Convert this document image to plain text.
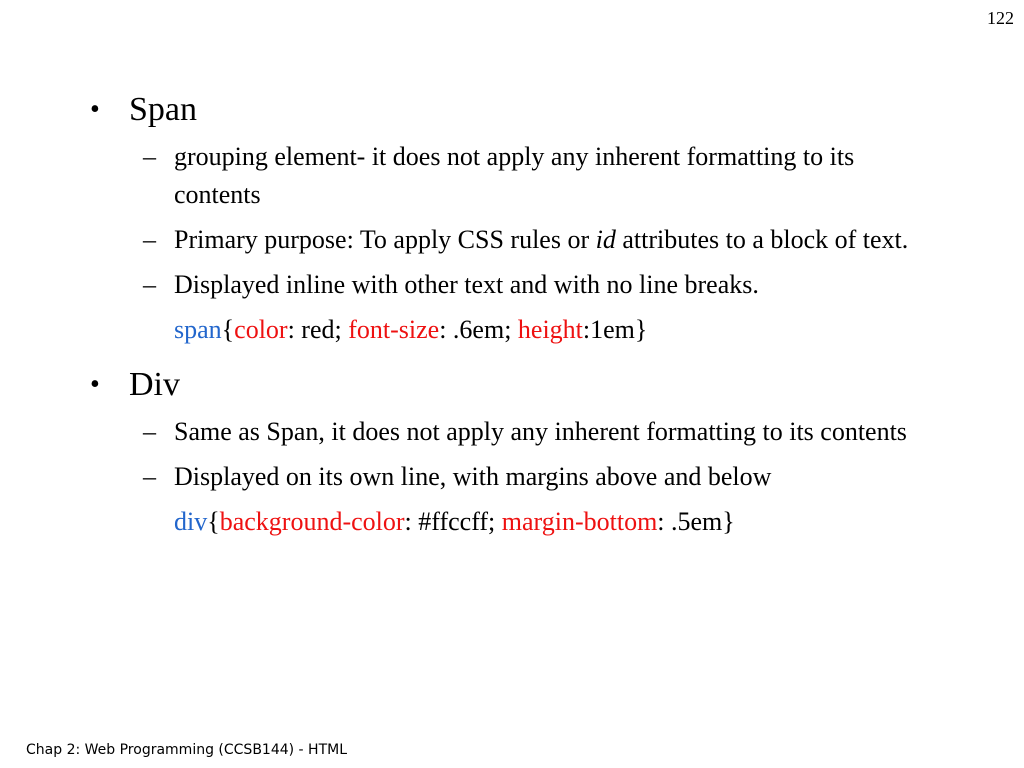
122
• Span
– grouping element- it does not apply any inherent formatting to its contents
– Primary purpose: To apply CSS rules or id attributes to a block of text.
– Displayed inline with other text and with no line breaks.
span{color: red; font-size: .6em; height:1em}
• Div
– Same as Span, it does not apply any inherent formatting to its contents
– Displayed on its own line, with margins above and below
div{background-color: #ffccff; margin-bottom: .5em}
Chap 2: Web Programming (CCSB144) - HTML
